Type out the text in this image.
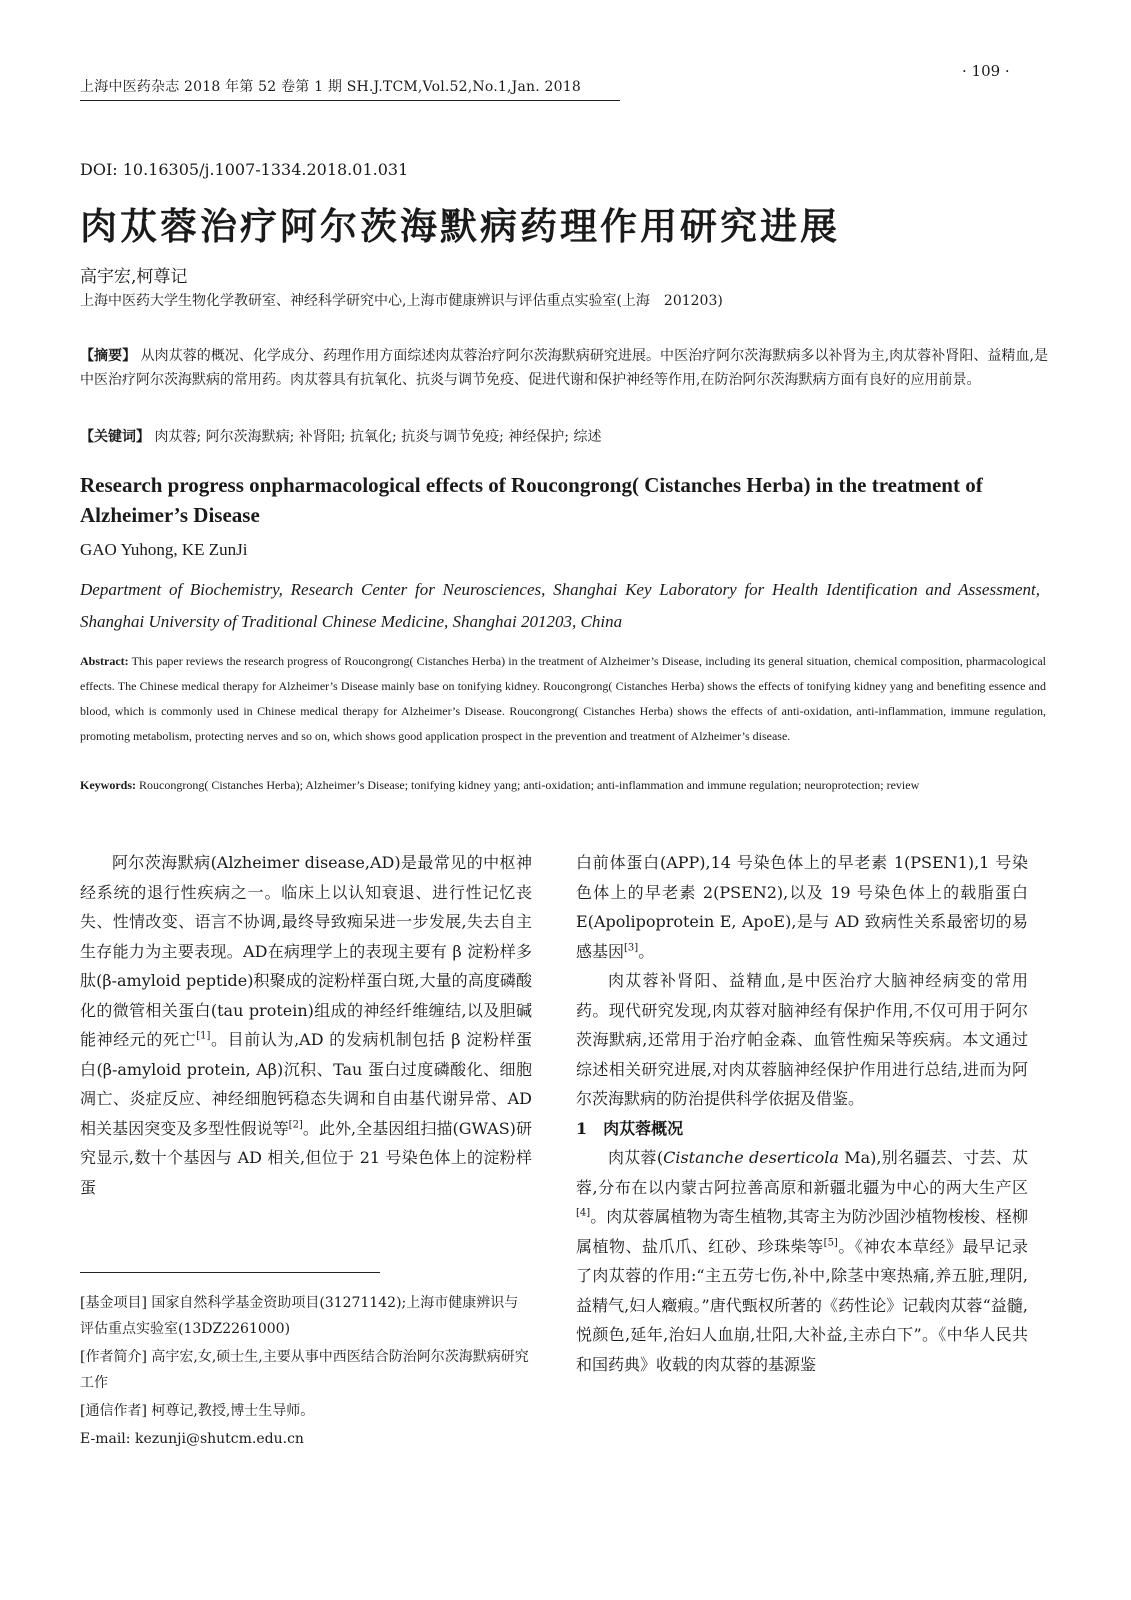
上海中医药杂志 2018 年第 52 卷第 1 期 SH.J.TCM,Vol.52,No.1,Jan. 2018
· 109 ·
DOI: 10.16305/j.1007-1334.2018.01.031
肉苁蓉治疗阿尔茨海默病药理作用研究进展
高宇宏,柯尊记
上海中医药大学生物化学教研室、神经科学研究中心,上海市健康辨识与评估重点实验室(上海　201203)
【摘要】 从肉苁蓉的概况、化学成分、药理作用方面综述肉苁蓉治疗阿尔茨海默病研究进展。中医治疗阿尔茨海默病多以补肾为主,肉苁蓉补肾阳、益精血,是中医治疗阿尔茨海默病的常用药。肉苁蓉具有抗氧化、抗炎与调节免疫、促进代谢和保护神经等作用,在防治阿尔茨海默病方面有良好的应用前景。
【关键词】 肉苁蓉; 阿尔茨海默病; 补肾阳; 抗氧化; 抗炎与调节免疫; 神经保护; 综述
Research progress onpharmacological effects of Roucongrong( Cistanches Herba) in the treatment of Alzheimer’s Disease
GAO Yuhong, KE ZunJi
Department of Biochemistry, Research Center for Neurosciences, Shanghai Key Laboratory for Health Identification and Assessment, Shanghai University of Traditional Chinese Medicine, Shanghai 201203, China
Abstract: This paper reviews the research progress of Roucongrong( Cistanches Herba) in the treatment of Alzheimer’s Disease, including its general situation, chemical composition, pharmacological effects. The Chinese medical therapy for Alzheimer’s Disease mainly base on tonifying kidney. Roucongrong( Cistanches Herba) shows the effects of tonifying kidney yang and benefiting essence and blood, which is commonly used in Chinese medical therapy for Alzheimer’s Disease. Roucongrong( Cistanches Herba) shows the effects of anti-oxidation, anti-inflammation, immune regulation, promoting metabolism, protecting nerves and so on, which shows good application prospect in the prevention and treatment of Alzheimer’s disease.
Keywords: Roucongrong( Cistanches Herba); Alzheimer’s Disease; tonifying kidney yang; anti-oxidation; anti-inflammation and immune regulation; neuroprotection; review

阿尔茨海默病(Alzheimer disease,AD)是最常见的中枢神经系统的退行性疾病之一。临床上以认知衰退、进行性记忆丧失、性情改变、语言不协调,最终导致痴呆进一步发展,失去自主生存能力为主要表现。AD在病理学上的表现主要有 β 淀粉样多肽(β-amyloid peptide)积聚成的淀粉样蛋白斑,大量的高度磷酸化的微管相关蛋白(tau protein)组成的神经纤维缠结,以及胆碱能神经元的死亡[1]。目前认为,AD 的发病机制包括 β 淀粉样蛋白(β-amyloid protein, Aβ)沉积、Tau 蛋白过度磷酸化、细胞凋亡、炎症反应、神经细胞钙稳态失调和自由基代谢异常、AD 相关基因突变及多型性假说等[2]。此外,全基因组扫描(GWAS)研究显示,数十个基因与 AD 相关,但位于 21 号染色体上的淀粉样蛋

白前体蛋白(APP),14 号染色体上的早老素 1(PSEN1),1 号染色体上的早老素 2(PSEN2),以及 19 号染色体上的载脂蛋白 E(Apolipoprotein E, ApoE),是与 AD 致病性关系最密切的易感基因[3]。

肉苁蓉补肾阳、益精血,是中医治疗大脑神经病变的常用药。现代研究发现,肉苁蓉对脑神经有保护作用,不仅可用于阿尔茨海默病,还常用于治疗帕金森、血管性痴呆等疾病。本文通过综述相关研究进展,对肉苁蓉脑神经保护作用进行总结,进而为阿尔茨海默病的防治提供科学依据及借鉴。

1　肉苁蓉概况

肉苁蓉(Cistanche deserticola Ma),别名疆芸、寸芸、苁蓉,分布在以内蒙古阿拉善高原和新疆北疆为中心的两大生产区[4]。肉苁蓉属植物为寄生植物,其寄主为防沙固沙植物梭梭、柽柳属植物、盐爪爪、红砂、珍珠柴等[5]。《神农本草经》最早记录了肉苁蓉的作用:“主五劳七伤,补中,除茎中寒热痛,养五脏,理阴,益精气,妇人癥瘕。”唐代甄权所著的《药性论》记载肉苁蓉“益髓,悦颜色,延年,治妇人血崩,壮阳,大补益,主赤白下”。《中华人民共和国药典》收载的肉苁蓉的基源鉴

[基金项目] 国家自然科学基金资助项目(31271142);上海市健康辨识与评估重点实验室(13DZ2261000)

[作者简介] 高宇宏,女,硕士生,主要从事中西医结合防治阿尔茨海默病研究工作

[通信作者] 柯尊记,教授,博士生导师。

E-mail: kezunji@shutcm.edu.cn
